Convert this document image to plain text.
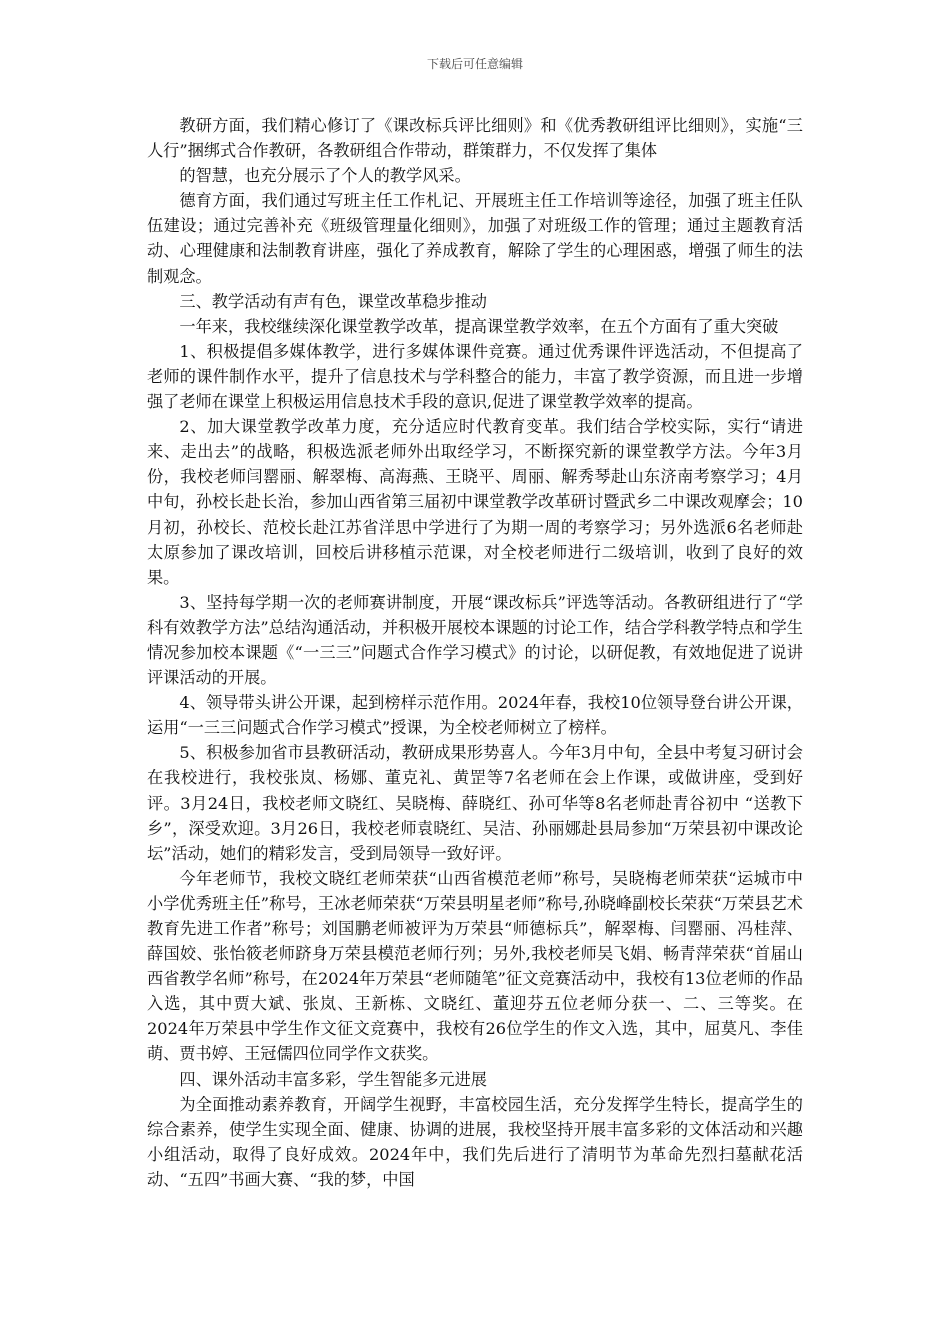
下载后可任意编辑

教研方面，我们精心修订了《课改标兵评比细则》和《优秀教研组评比细则》，实施“三人行”捆绑式合作教研，各教研组合作带动，群策群力，不仅发挥了集体

的智慧，也充分展示了个人的教学风采。

德育方面，我们通过写班主任工作札记、开展班主任工作培训等途径，加强了班主任队伍建设；通过完善补充《班级管理量化细则》，加强了对班级工作的管理；通过主题教育活动、心理健康和法制教育讲座，强化了养成教育，解除了学生的心理困惑，增强了师生的法制观念。

三、教学活动有声有色，课堂改革稳步推动

一年来，我校继续深化课堂教学改革，提高课堂教学效率，在五个方面有了重大突破

1、积极提倡多媒体教学，进行多媒体课件竞赛。通过优秀课件评选活动，不但提高了老师的课件制作水平，提升了信息技术与学科整合的能力，丰富了教学资源，而且进一步增强了老师在课堂上积极运用信息技术手段的意识,促进了课堂教学效率的提高。

2、加大课堂教学改革力度，充分适应时代教育变革。我们结合学校实际，实行“请进来、走出去”的战略，积极选派老师外出取经学习，不断探究新的课堂教学方法。今年3月份，我校老师闫罂丽、解翠梅、高海燕、王晓平、周丽、解秀琴赴山东济南考察学习；4月中旬，孙校长赴长治，参加山西省第三届初中课堂教学改革研讨暨武乡二中课改观摩会；10月初，孙校长、范校长赴江苏省洋思中学进行了为期一周的考察学习；另外选派6名老师赴太原参加了课改培训，回校后讲移植示范课，对全校老师进行二级培训，收到了良好的效果。

3、坚持每学期一次的老师赛讲制度，开展“课改标兵”评选等活动。各教研组进行了“学科有效教学方法”总结沟通活动，并积极开展校本课题的讨论工作，结合学科教学特点和学生情况参加校本课题《“一三三”问题式合作学习模式》的讨论，以研促教，有效地促进了说讲评课活动的开展。

4、领导带头讲公开课，起到榜样示范作用。2024年春，我校10位领导登台讲公开课，运用“一三三问题式合作学习模式”授课，为全校老师树立了榜样。

5、积极参加省市县教研活动，教研成果形势喜人。今年3月中旬，全县中考复习研讨会在我校进行，我校张岚、杨娜、董克礼、黄罡等7名老师在会上作课，或做讲座，受到好评。3月24日，我校老师文晓红、吴晓梅、薛晓红、孙可华等8名老师赴青谷初中 “送教下乡”，深受欢迎。3月26日，我校老师袁晓红、吴洁、孙丽娜赴县局参加“万荣县初中课改论坛”活动，她们的精彩发言，受到局领导一致好评。

今年老师节，我校文晓红老师荣获“山西省模范老师”称号，吴晓梅老师荣获“运城市中小学优秀班主任”称号，王冰老师荣获“万荣县明星老师”称号,孙晓峰副校长荣获“万荣县艺术教育先进工作者”称号；刘国鹏老师被评为万荣县“师德标兵”，解翠梅、闫罂丽、冯桂萍、薛国姣、张怡筱老师跻身万荣县模范老师行列；另外,我校老师吴飞娟、畅青萍荣获“首届山西省教学名师”称号，在2024年万荣县“老师随笔”征文竞赛活动中，我校有13位老师的作品入选，其中贾大斌、张岚、王新栋、文晓红、董迎芬五位老师分获一、二、三等奖。在2024年万荣县中学生作文征文竞赛中，我校有26位学生的作文入选，其中，屈莫凡、李佳萌、贾书婷、王冠儒四位同学作文获奖。

四、课外活动丰富多彩，学生智能多元进展

为全面推动素养教育，开阔学生视野，丰富校园生活，充分发挥学生特长，提高学生的综合素养，使学生实现全面、健康、协调的进展，我校坚持开展丰富多彩的文体活动和兴趣小组活动，取得了良好成效。2024年中，我们先后进行了清明节为革命先烈扫墓献花活动、“五四”书画大赛、“我的梦，中国
